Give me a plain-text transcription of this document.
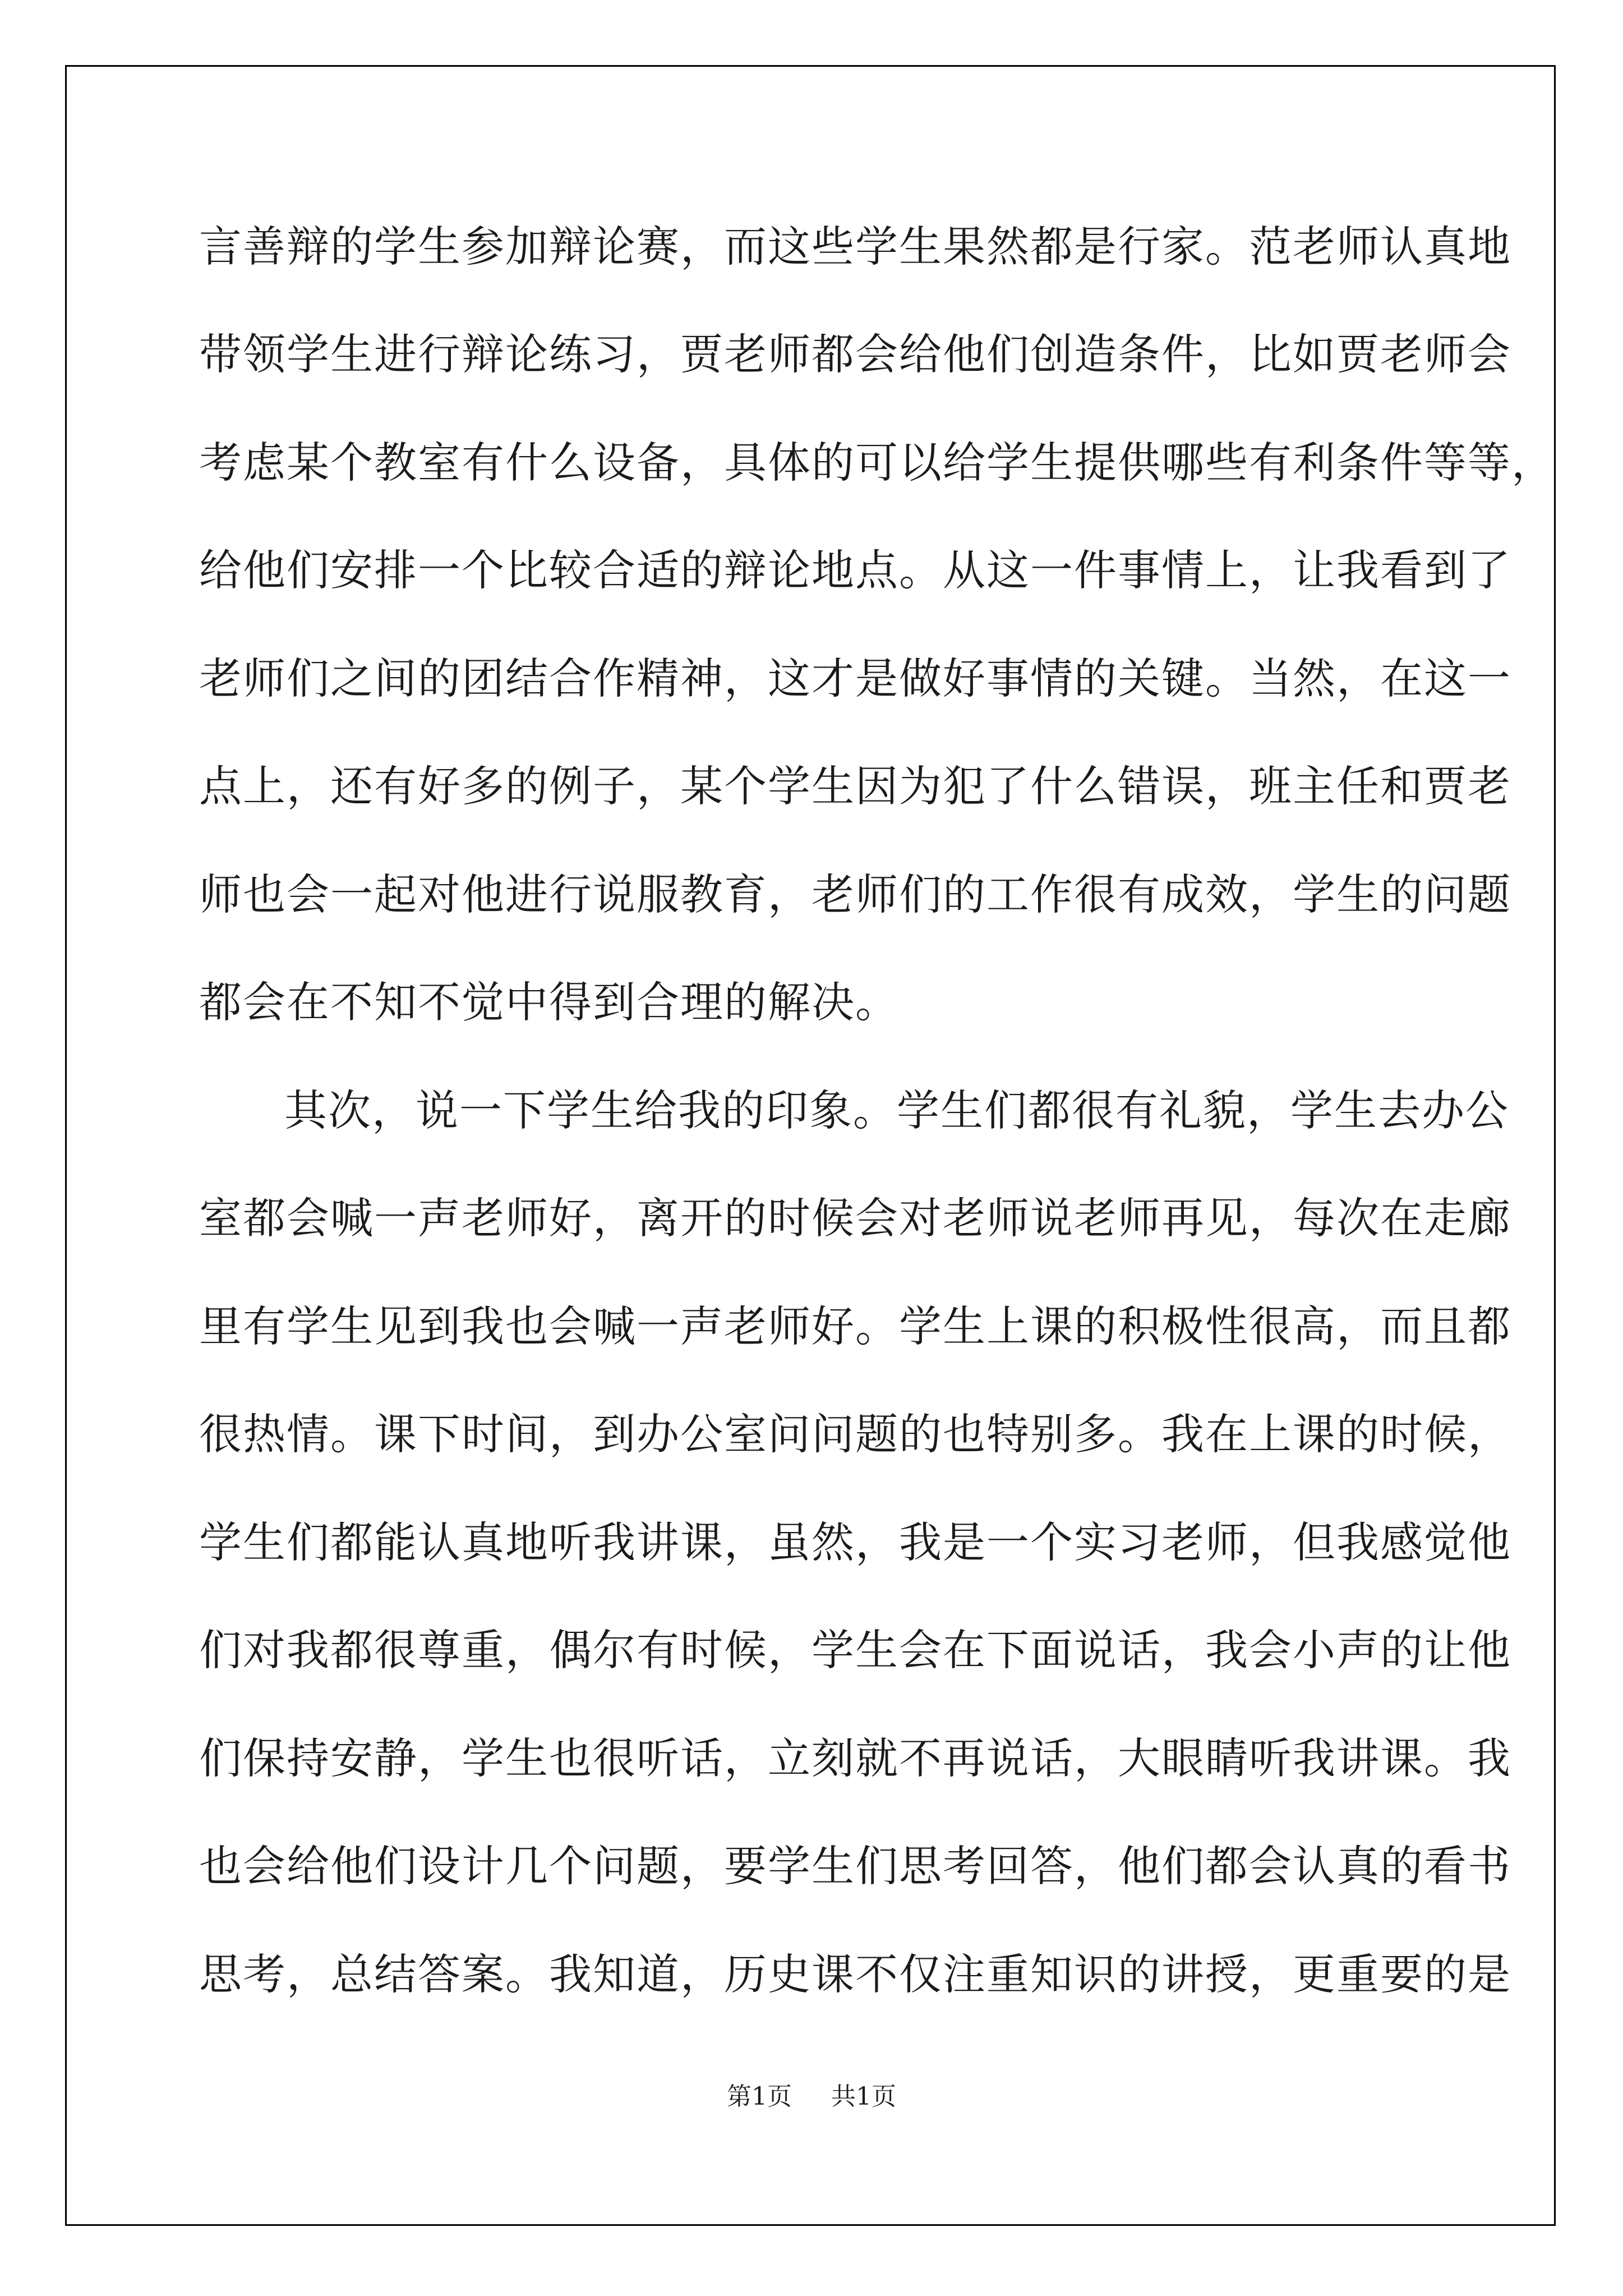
言善辩的学生参加辩论赛，而这些学生果然都是行家。范老师认真地

带领学生进行辩论练习，贾老师都会给他们创造条件，比如贾老师会

考虑某个教室有什么设备，具体的可以给学生提供哪些有利条件等等，

给他们安排一个比较合适的辩论地点。从这一件事情上，让我看到了

老师们之间的团结合作精神，这才是做好事情的关键。当然，在这一

点上，还有好多的例子，某个学生因为犯了什么错误，班主任和贾老

师也会一起对他进行说服教育，老师们的工作很有成效，学生的问题

都会在不知不觉中得到合理的解决。

其次，说一下学生给我的印象。学生们都很有礼貌，学生去办公

室都会喊一声老师好，离开的时候会对老师说老师再见，每次在走廊

里有学生见到我也会喊一声老师好。学生上课的积极性很高，而且都

很热情。课下时间，到办公室问问题的也特别多。我在上课的时候，

学生们都能认真地听我讲课，虽然，我是一个实习老师，但我感觉他

们对我都很尊重，偶尔有时候，学生会在下面说话，我会小声的让他

们保持安静，学生也很听话，立刻就不再说话，大眼睛听我讲课。我

也会给他们设计几个问题，要学生们思考回答，他们都会认真的看书

思考，总结答案。我知道，历史课不仅注重知识的讲授，更重要的是

第1页 共1页
